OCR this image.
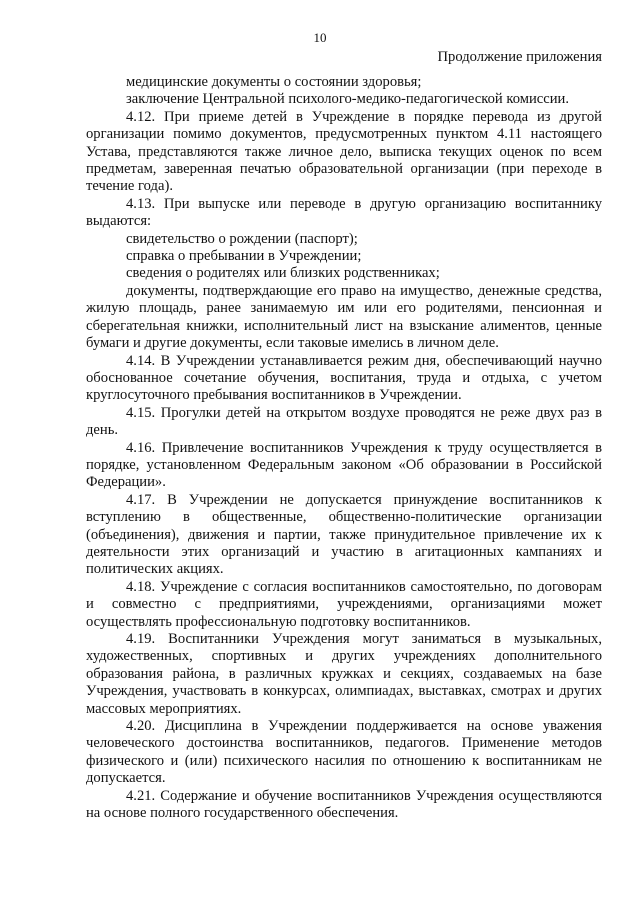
10
Продолжение приложения

медицинские документы о состоянии здоровья;

заключение Центральной психолого-медико-педагогической комиссии.

4.12. При приеме детей в Учреждение в порядке перевода из другой организации помимо документов, предусмотренных пунктом 4.11 настоящего Устава, представляются также личное дело, выписка текущих оценок по всем предметам, заверенная печатью образовательной организации (при переходе в течение года).

4.13. При выпуске или переводе в другую организацию воспитаннику выдаются:

свидетельство о рождении (паспорт);

справка о пребывании в Учреждении;

сведения о родителях или близких родственниках;

документы, подтверждающие его право на имущество, денежные средства, жилую площадь, ранее занимаемую им или его родителями, пенсионная и сберегательная книжки, исполнительный лист на взыскание алиментов, ценные бумаги и другие документы, если таковые имелись в личном деле.

4.14. В Учреждении устанавливается режим дня, обеспечивающий научно обоснованное сочетание обучения, воспитания, труда и отдыха, с учетом круглосуточного пребывания воспитанников в Учреждении.

4.15. Прогулки детей на открытом воздухе проводятся не реже двух раз в день.

4.16. Привлечение воспитанников Учреждения к труду осуществляется в порядке, установленном Федеральным законом «Об образовании в Российской Федерации».

4.17. В Учреждении не допускается принуждение воспитанников к вступлению в общественные, общественно-политические организации (объединения), движения и партии, также принудительное привлечение их к деятельности этих организаций и участию в агитационных кампаниях и политических акциях.

4.18. Учреждение с согласия воспитанников самостоятельно, по договорам и совместно с предприятиями, учреждениями, организациями может осуществлять профессиональную подготовку воспитанников.

4.19. Воспитанники Учреждения могут заниматься в музыкальных, художественных, спортивных и других учреждениях дополнительного образования района, в различных кружках и секциях, создаваемых на базе Учреждения, участвовать в конкурсах, олимпиадах, выставках, смотрах и других массовых мероприятиях.

4.20. Дисциплина в Учреждении поддерживается на основе уважения человеческого достоинства воспитанников, педагогов. Применение методов физического и (или) психического насилия по отношению к воспитанникам не допускается.

4.21. Содержание и обучение воспитанников Учреждения осуществляются на основе полного государственного обеспечения.
